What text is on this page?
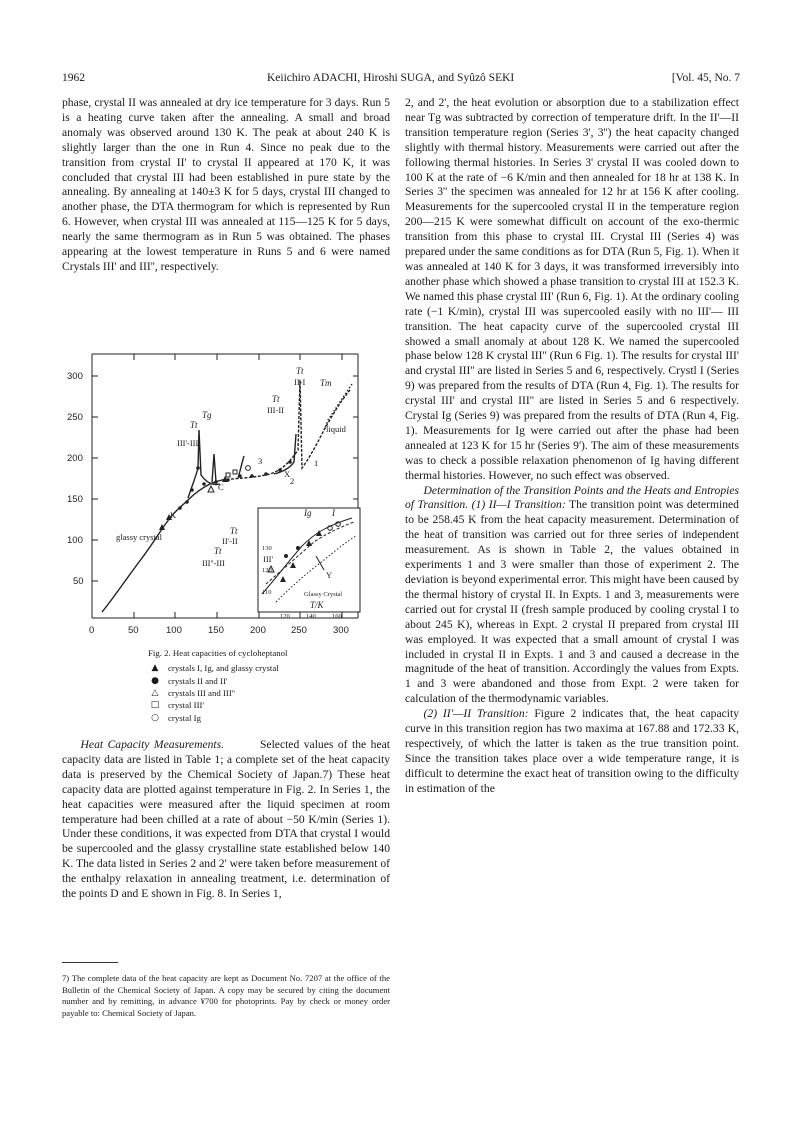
1962	Keiichiro ADACHI, Hiroshi SUGA, and Syûzô SEKI	[Vol. 45, No. 7

phase, crystal II was annealed at dry ice temperature for 3 days. Run 5 is a heating curve taken after the annealing. A small and broad anomaly was observed around 130 K. The peak at about 240 K is slightly larger than the one in Run 4. Since no peak due to the transition from crystal II' to crystal II appeared at 170 K, it was concluded that crystal III had been established in pure state by the annealing. By annealing at 140±3 K for 5 days, crystal III changed to another phase, the DTA thermogram for which is represented by Run 6. However, when crystal III was annealed at 115—125 K for 5 days, nearly the same thermogram as in Run 5 was obtained. The phases appearing at the lowest temperature in Runs 5 and 6 were named Crystals III' and III'', respectively.

300
250
200
150
100
50
0	50	100	150	200	250	300
Tm
Tt
II-I
Tt
III-II
Tg
Tt
III'-III
liquid
glassy crystal
Tt
II'-II
Tt
III''-III
1
3
2
K
C
X
Ig I
III'
Y
Glassy Crystal
T/K
130
120
110
120	140	160
Fig. 2. Heat capacities of cycloheptanol
▲	crystals I, Ig, and glassy crystal
●	crystals II and II'
△	crystals III and III''
□ crystal III'
○	crystal Ig

Heat Capacity Measurements.	Selected values of the heat capacity data are listed in Table 1; a complete set of the heat capacity data is preserved by the Chemical Society of Japan.7) These heat capacity data are plotted against temperature in Fig. 2. In Series 1, the heat capacities were measured after the liquid specimen at room temperature had been chilled at a rate of about −50 K/min (Series 1). Under these conditions, it was expected from DTA that crystal I would be supercooled and the glassy crystalline state established below 140 K. The data listed in Series 2 and 2' were taken before measurement of the enthalpy relaxation in annealing treatment, i.e. determination of the points D and E shown in Fig. 8. In Series 1,

7) The complete data of the heat capacity are kept as Document No. 7207 at the office of the Bulletin of the Chemical Society of Japan. A copy may be secured by citing the document number and by remitting, in advance ¥700 for photoprints. Pay by check or money order payable to: Chemical Society of Japan.

2, and 2', the heat evolution or absorption due to a stabilization effect near Tg was subtracted by correction of temperature drift. In the II'—II transition temperature region (Series 3', 3'') the heat capacity changed slightly with thermal history. Measurements were carried out after the following thermal histories. In Series 3' crystal II was cooled down to 100 K at the rate of −6 K/min and then annealed for 18 hr at 138 K. In Series 3'' the specimen was annealed for 12 hr at 156 K after cooling. Measurements for the supercooled crystal II in the temperature region 200—215 K were somewhat difficult on account of the exo-thermic transition from this phase to crystal III. Crystal III (Series 4) was prepared under the same conditions as for DTA (Run 5, Fig. 1). When it was annealed at 140 K for 3 days, it was transformed irreversibly into another phase which showed a phase transition to crystal III at 152.3 K. We named this phase crystal III' (Run 6, Fig. 1). At the ordinary cooling rate (−1 K/min), crystal III was supercooled easily with no III'— III transition. The heat capacity curve of the supercooled crystal III showed a small anomaly at about 128 K. We named the supercooled phase below 128 K crystal III'' (Run 6 Fig. 1). The results for crystal III' and crystal III'' are listed in Series 5 and 6, respectively. Crystl I (Series 9) was prepared from the results of DTA (Run 4, Fig. 1). The results for crystal III' and crystal III'' are listed in Series 5 and 6 respectively. Crystal Ig (Series 9) was prepared from the results of DTA (Run 4, Fig. 1). Measurements for Ig were carried out after the phase had been annealed at 123 K for 15 hr (Series 9'). The aim of these measurements was to check a possible relaxation phenomenon of Ig having different thermal histories. However, no such effect was observed.

Determination of the Transition Points and the Heats and Entropies of Transition. (1) II—I Transition: The transition point was determined to be 258.45 K from the heat capacity measurement. Determination of the heat of transition was carried out for three series of independent measurement. As is shown in Table 2, the values obtained in experiments 1 and 3 were smaller than those of experiment 2. The deviation is beyond experimental error. This might have been caused by the thermal history of crystal II. In Expts. 1 and 3, measurements were carried out for crystal II (fresh sample produced by cooling crystal I to about 245 K), whereas in Expt. 2 crystal II prepared from crystal III was employed. It was expected that a small amount of crystal I was included in crystal II in Expts. 1 and 3 and caused a decrease in the magnitude of the heat of transition. Accordingly the values from Expts. 1 and 3 were abandoned and those from Expt. 2 were taken for calculation of the thermodynamic variables.

(2) II'—II Transition: Figure 2 indicates that, the heat capacity curve in this transition region has two maxima at 167.88 and 172.33 K, respectively, of which the latter is taken as the true transition point. Since the transition takes place over a wide temperature range, it is difficult to determine the exact heat of transition owing to the difficulty in estimation of the
